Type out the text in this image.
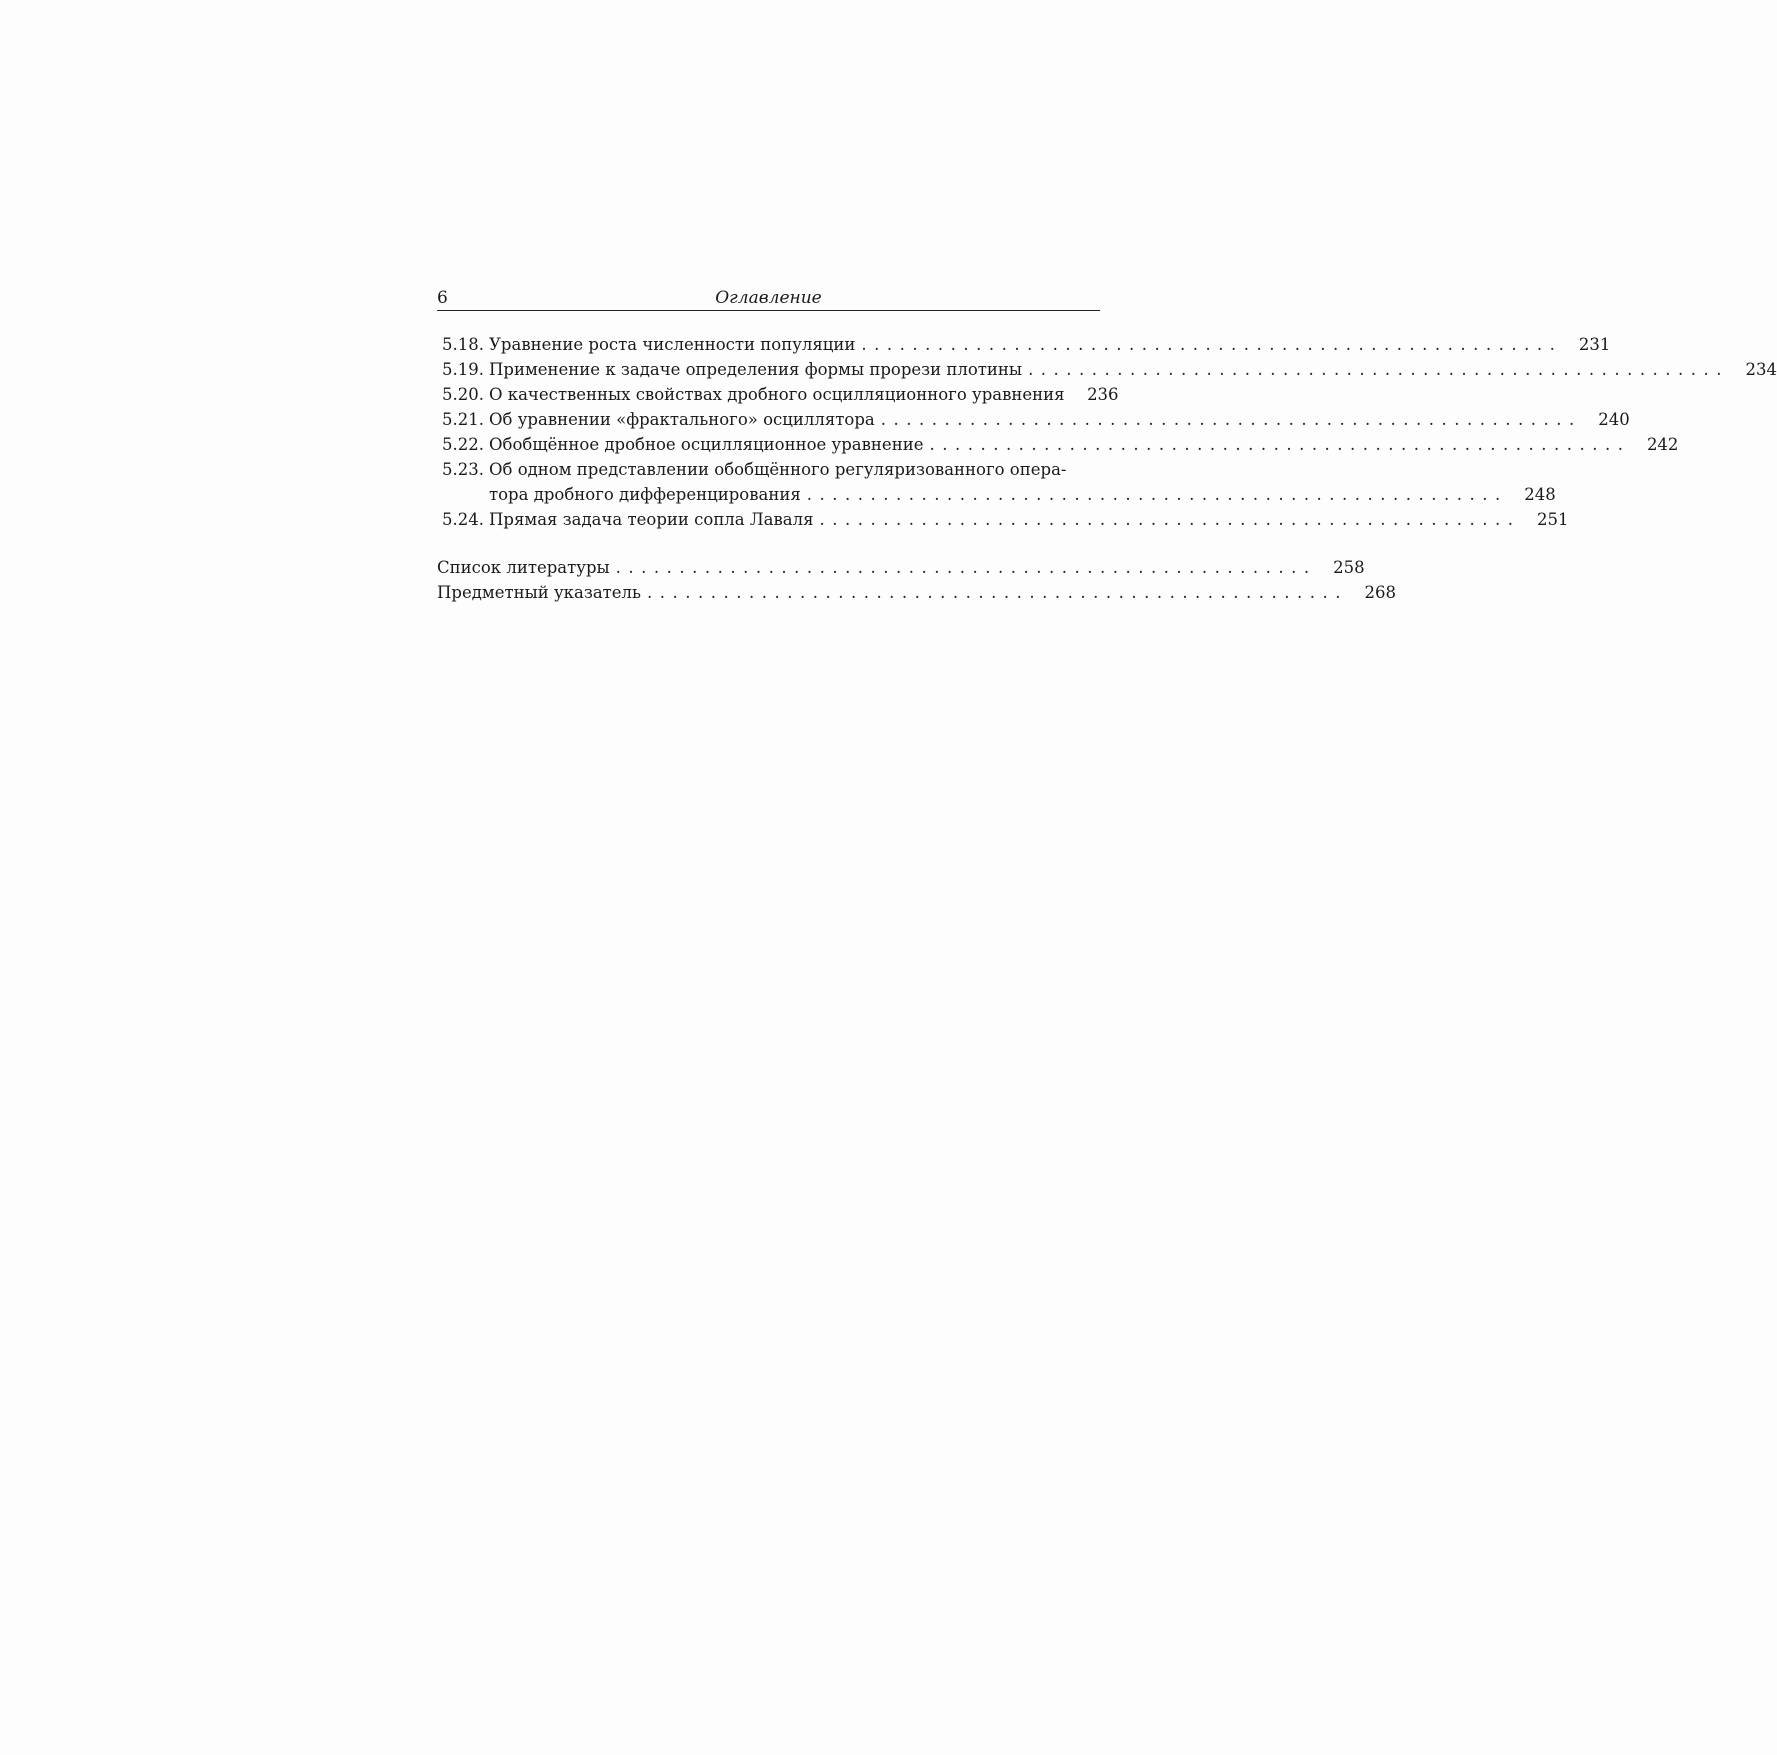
6	Оглавление
5.18. Уравнение роста численности популяции .......................................................	231
5.19. Применение к задаче определения формы прорези плотины .......................................................	234
5.20. О качественных свойствах дробного осцилляционного уравнения	236
5.21. Об уравнении «фрактального» осциллятора .......................................................	240
5.22. Обобщённое дробное осцилляционное уравнение .......................................................	242
5.23. Об одном представлении обобщённого регуляризованного опера-
тора дробного дифференцирования .......................................................	248
5.24. Прямая задача теории сопла Лаваля .......................................................	251
Список литературы .......................................................	258
Предметный указатель .......................................................	268
